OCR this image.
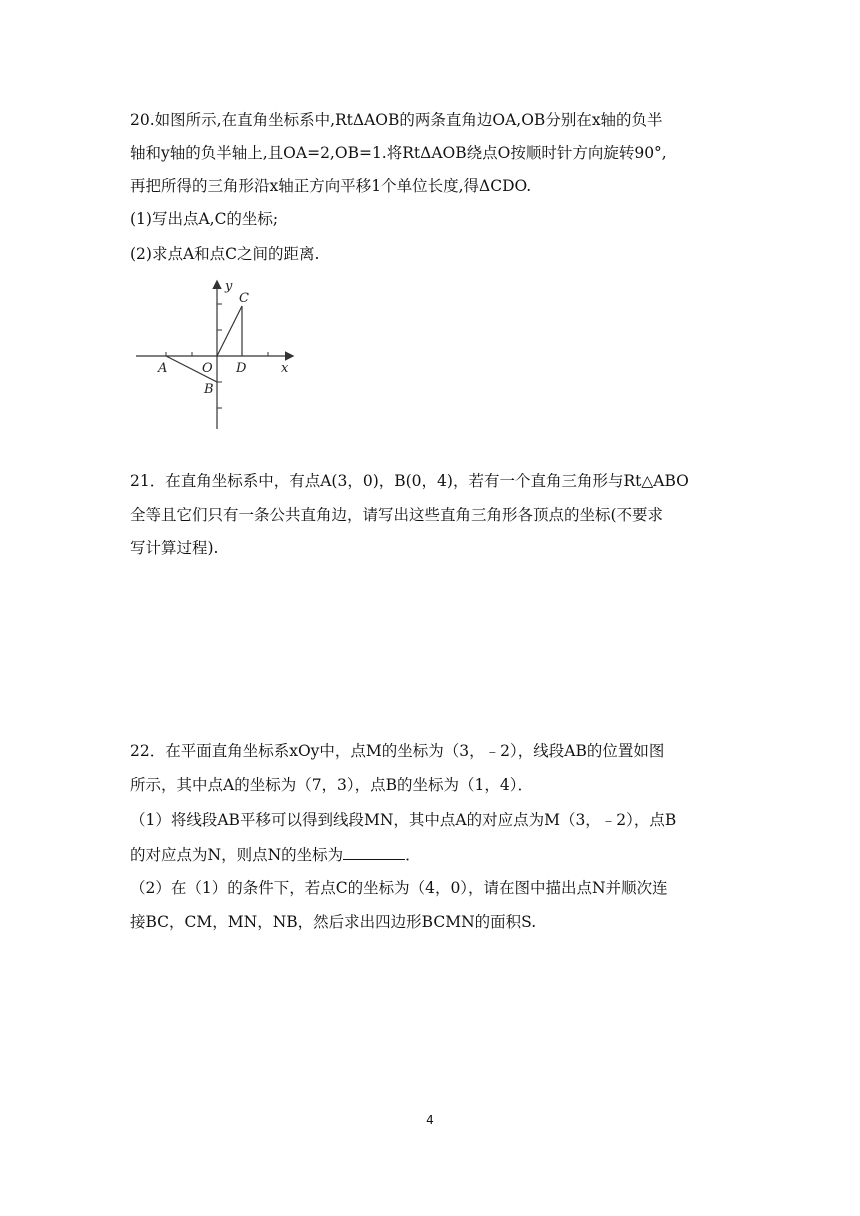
20.如图所示,在直角坐标系中,RtΔAOB的两条直角边OA,OB分别在x轴的负半
轴和y轴的负半轴上,且OA=2,OB=1.将RtΔAOB绕点O按顺时针方向旋转90°,
再把所得的三角形沿x轴正方向平移1个单位长度,得ΔCDO.
(1)写出点A,C的坐标;
(2)求点A和点C之间的距离.
y
x
A	O D
B
C
21．在直角坐标系中，有点A(3，0)，B(0，4)，若有一个直角三角形与Rt△ABO
全等且它们只有一条公共直角边，请写出这些直角三角形各顶点的坐标(不要求
写计算过程).
22．在平面直角坐标系xOy中，点M的坐标为（3，﹣2），线段AB的位置如图
所示，其中点A的坐标为（7，3），点B的坐标为（1，4）．
（1）将线段AB平移可以得到线段MN，其中点A的对应点为M（3，﹣2），点B
的对应点为N，则点N的坐标为	．
（2）在（1）的条件下，若点C的坐标为（4，0），请在图中描出点N并顺次连
接BC，CM，MN，NB，然后求出四边形BCMN的面积S.
4
